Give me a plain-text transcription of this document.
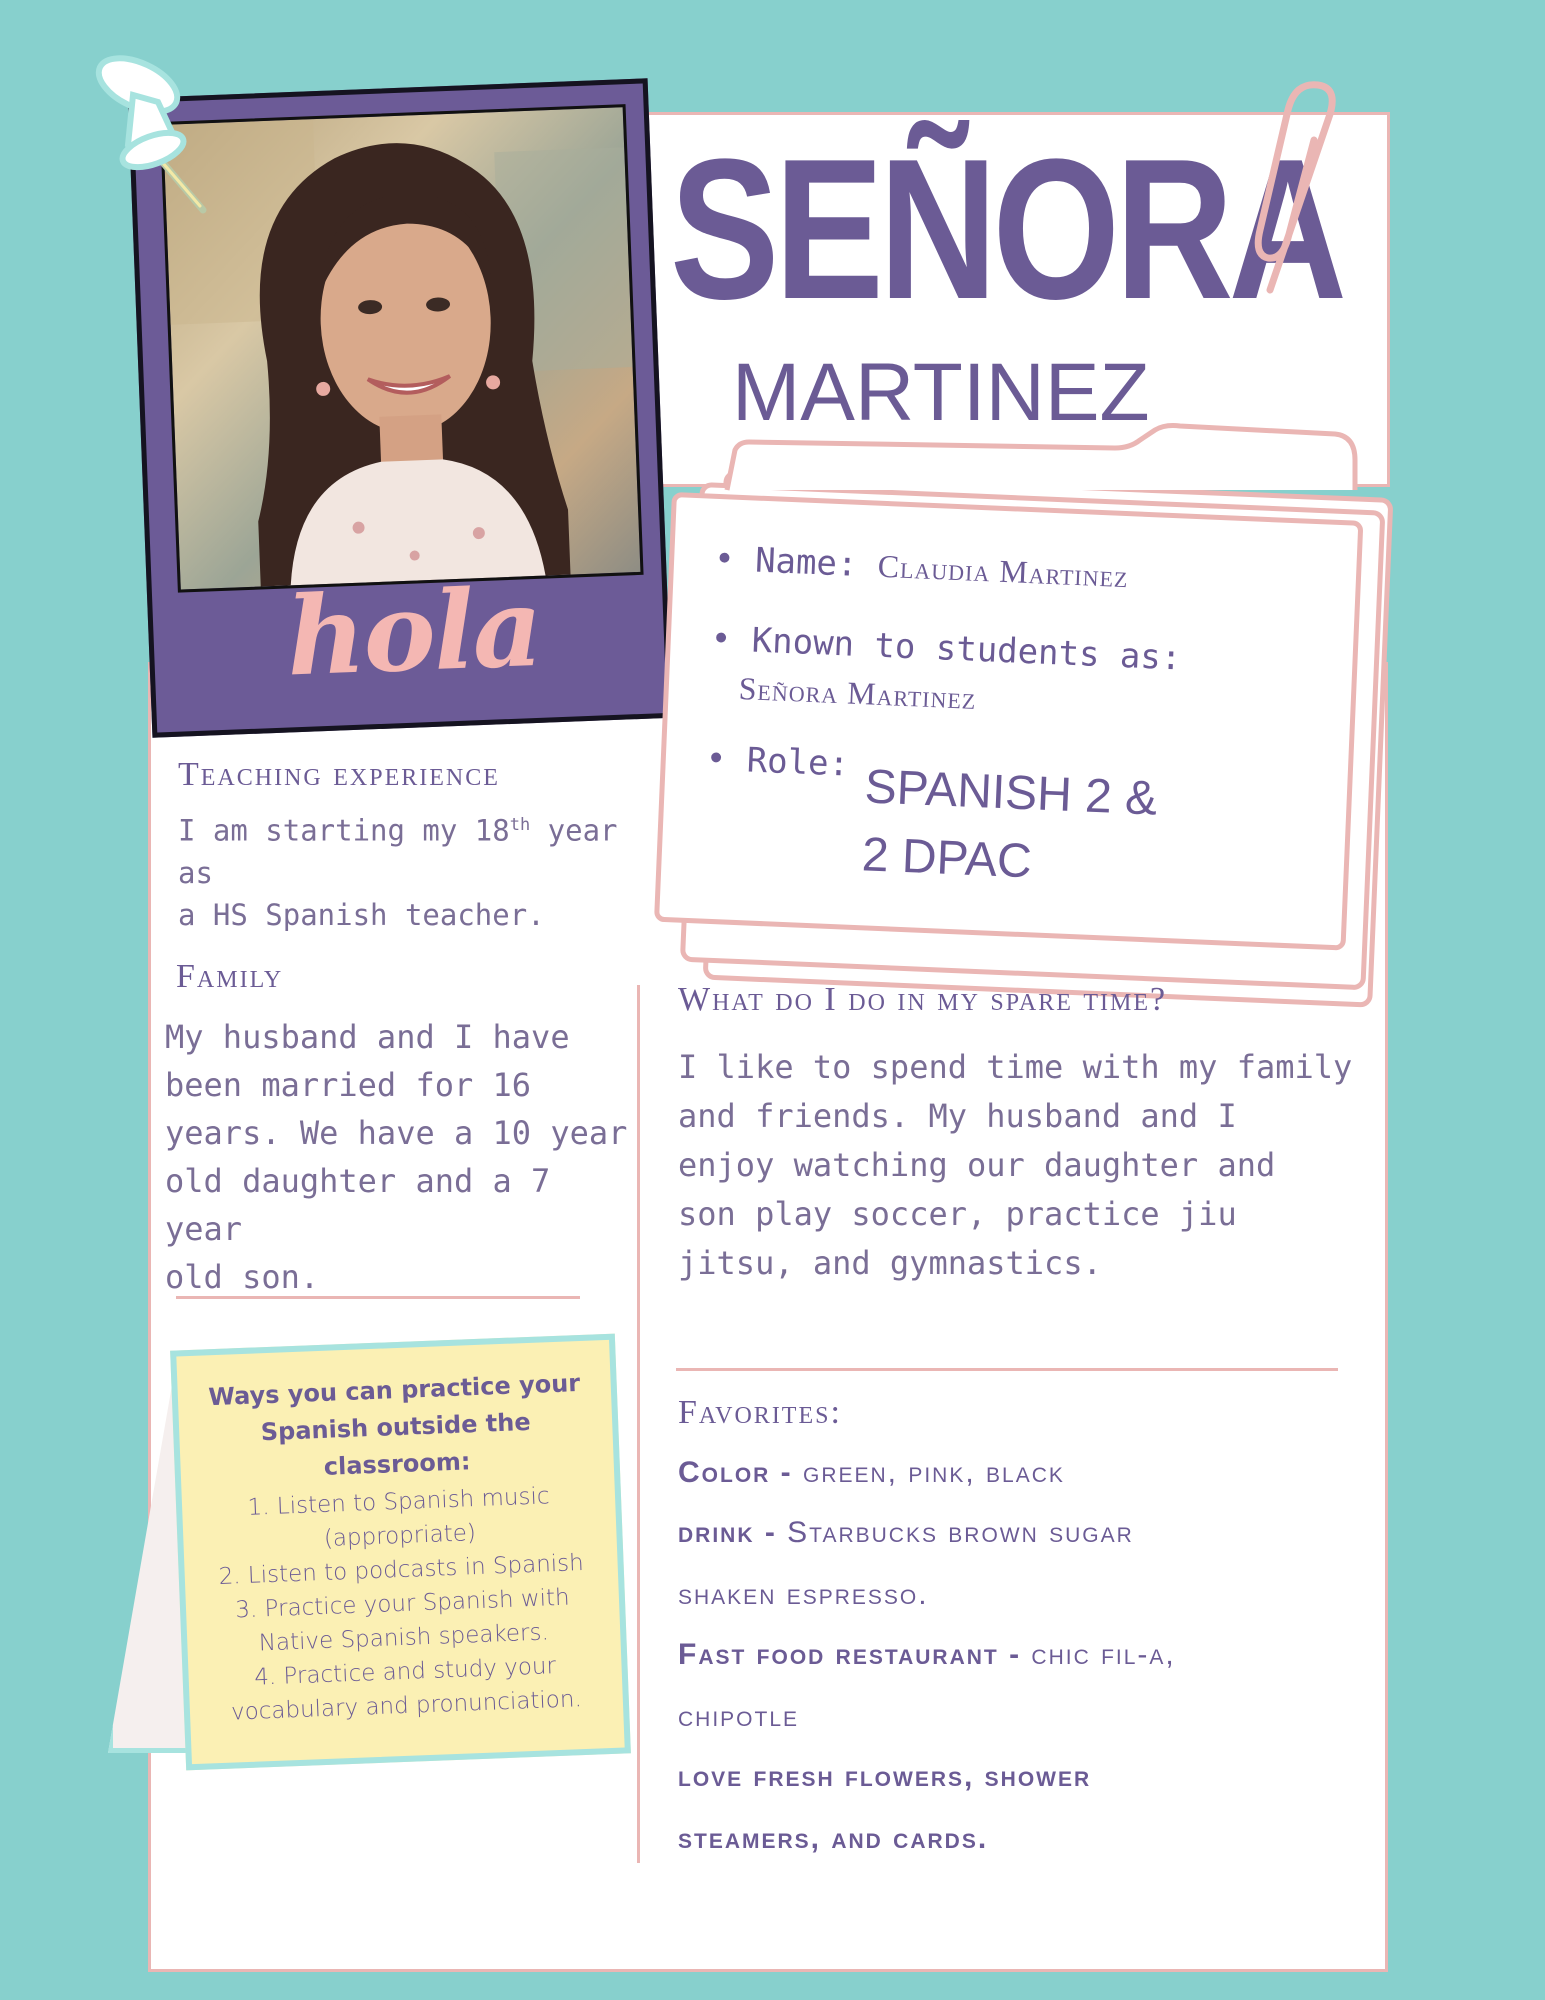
SEÑORA
MARTINEZ
hola
• Name: Claudia Martinez
• Known to students as:
Señora Martinez
• Role: SPANISH 2 &
2 DPAC
Teaching experience
I am starting my 18th year as
a HS Spanish teacher.
Family
My husband and I have
been married for 16
years. We have a 10 year
old daughter and a 7 year
old son.
What do I do in my spare time?
I like to spend time with my family
and friends. My husband and I
enjoy watching our daughter and
son play soccer, practice jiu
jitsu, and gymnastics.
Favorites:
Color - green, pink, black
drink - Starbucks brown sugar
shaken espresso.
Fast food restaurant - chic fil-a,
chipotle
love fresh flowers, shower
steamers, and cards.
Ways you can practice your Spanish outside the classroom:
1. Listen to Spanish music (appropriate)
2. Listen to podcasts in Spanish
3. Practice your Spanish with Native Spanish speakers.
4. Practice and study your vocabulary and pronunciation.
